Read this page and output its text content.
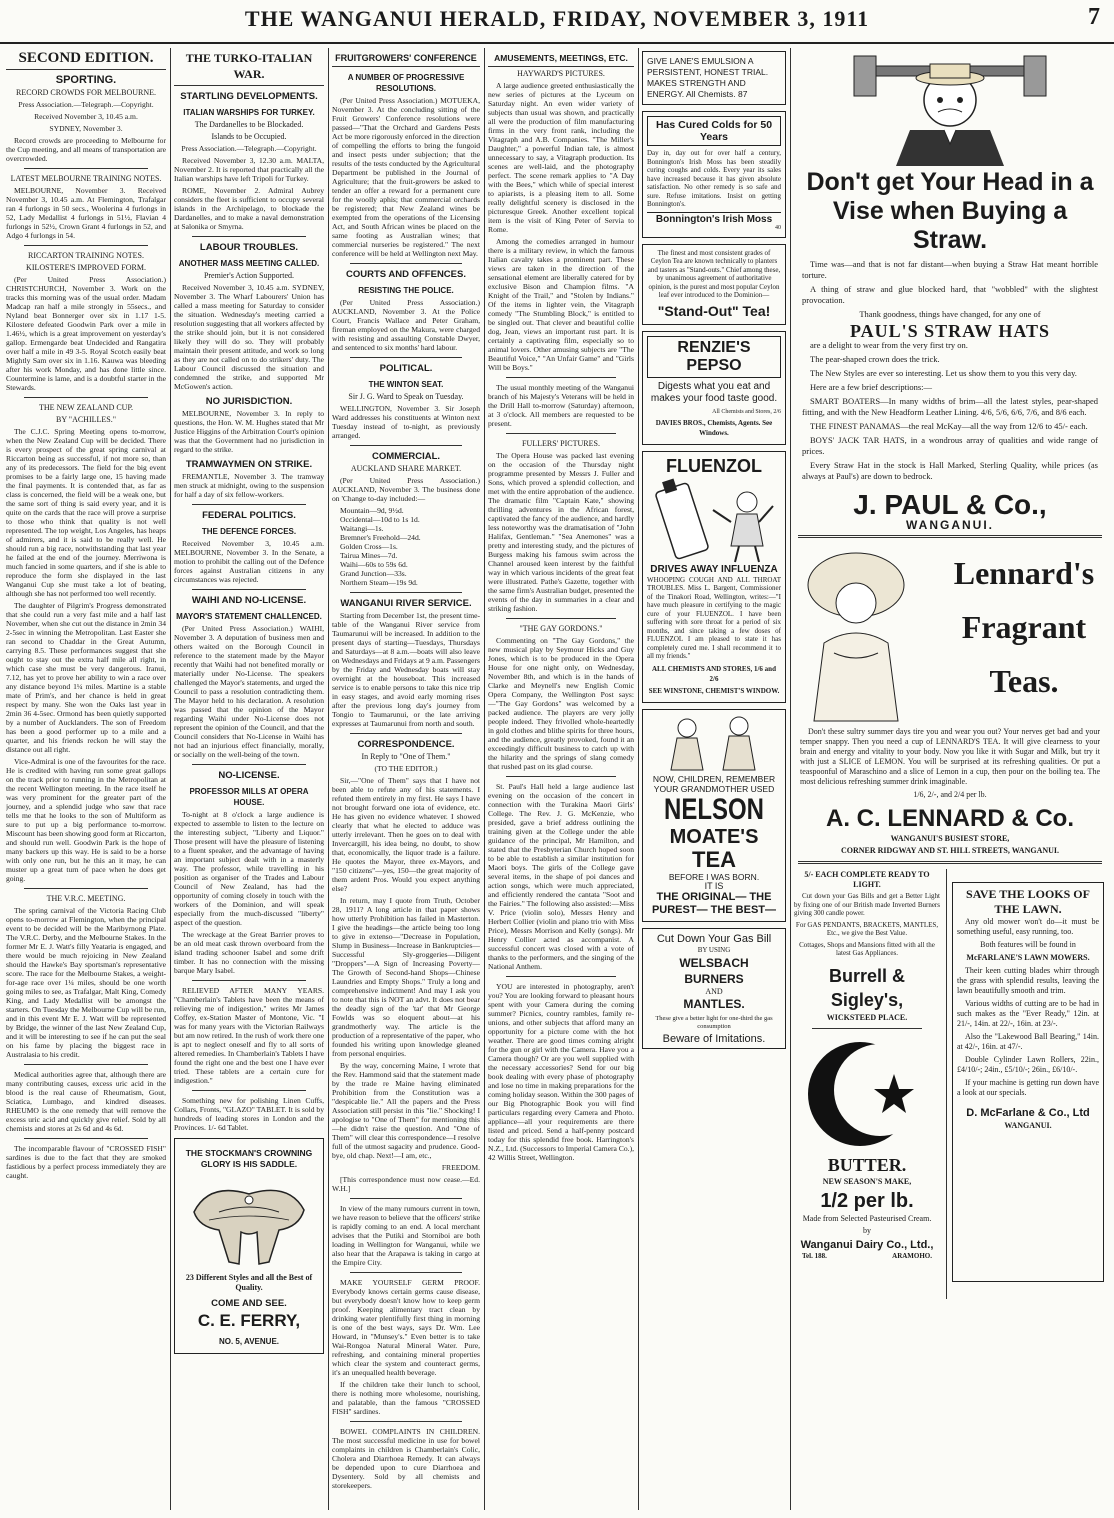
THE WANGANUI HERALD, FRIDAY, NOVEMBER 3, 1911	7
SECOND EDITION.
SPORTING.
RECORD CROWDS FOR MELBOURNE.

Press Association.—Telegraph.—Copyright.

Received November 3, 10.45 a.m.

SYDNEY, November 3.

Record crowds are proceeding to Melbourne for the Cup meeting, and all means of transportation are overcrowded.

LATEST MELBOURNE TRAINING NOTES.

MELBOURNE, November 3. Received November 3, 10.45 a.m. At Flemington, Trafalgar ran 4 furlongs in 50 secs., Woolerina 4 furlongs in 52, Lady Medallist 4 furlongs in 51½, Flavian 4 furlongs in 52½, Crown Grant 4 furlongs in 52, and Adgo 4 furlongs in 54.

RICCARTON TRAINING NOTES.
KILOSTERE'S IMPROVED FORM.

(Per United Press Association.) CHRISTCHURCH, November 3. Work on the tracks this morning was of the usual order. Madam Madcap ran half a mile strongly in 55secs., and Nyland beat Bonnerger over six in 1.17 1-5. Kilostere defeated Goodwin Park over a mile in 1.46½, which is a great improvement on yesterday's gallop. Ermengarde beat Undecided and Rangatira over half a mile in 49 3-5. Royal Scotch easily beat Mightly Sam over six in 1.16. Kauwa was bleeding after his work Monday, and has done little since. Countermine is lame, and is a doubtful starter in the Stewards.

THE NEW ZEALAND CUP.
BY "ACHILLES."

The C.J.C. Spring Meeting opens to-morrow, when the New Zealand Cup will be decided. There is every prospect of the great spring carnival at Riccarton being as successful, if not more so, than any of its predecessors. The field for the big event promises to be a fairly large one, 15 having made the final payments. It is contended that, as far as class is concerned, the field will be a weak one, but the same sort of thing is said every year, and it is quite on the cards that the race will prove a surprise to those who think that quality is not well represented. The top weight, Los Angeles, has heaps of admirers, and it is said to be really well. He should run a big race, notwithstanding that last year he failed at the end of the journey. Merriwona is much fancied in some quarters, and if she is able to reproduce the form she displayed in the last Wanganui Cup she must take a lot of beating, although she has not performed too well recently.

The daughter of Pilgrim's Progress demonstrated that she could run a very fast mile and a half last November, when she cut out the distance in 2min 34 2-5sec in winning the Metropolitan. Last Easter she ran second to Chaddar in the Great Autumn, carrying 8.5. These performances suggest that she ought to stay out the extra half mile all right, in which case she must be very dangerous. Iranui, 7.12, has yet to prove her ability to win a race over any distance beyond 1¼ miles. Martine is a stable mate of Prim's, and her chance is held in great respect by many. She won the Oaks last year in 2min 36 4-5sec. Ormond has been quietly supported by a number of Aucklanders. The son of Freedom has been a good performer up to a mile and a quarter, and his friends reckon he will stay the distance out all right.

Vice-Admiral is one of the favourites for the race. He is credited with having run some great gallops on the track prior to running in the Metropolitan at the recent Wellington meeting. In the race itself he was very prominent for the greater part of the journey, and a splendid judge who saw that race tells me that he looks to the son of Multiform as sure to put up a big performance to-morrow. Miscount has been showing good form at Riccarton, and should run well. Goodwin Park is the hope of many backers up this way. He is said to be a horse with only one run, but he this an it may, he can muster up a great turn of pace when he does get going.

THE V.R.C. MEETING.

The spring carnival of the Victoria Racing Club opens to-morrow at Flemington, when the principal event to be decided will be the Maribyrnong Plate. The V.R.C. Derby, and the Melbourne Stakes. In the former Mr E. J. Watt's filly Yeataria is engaged, and there would be much rejoicing in New Zealand should the Hawke's Bay sportsman's representative score. The race for the Melbourne Stakes, a weight-for-age race over 1¼ miles, should be one worth going miles to see, as Trafalgar, Malt King, Comedy King, and Lady Medallist will be amongst the starters. On Tuesday the Melbourne Cup will be run, and in this event Mr E. J. Watt will be represented by Bridge, the winner of the last New Zealand Cup, and it will be interesting to see if he can put the seal on his fame by placing the biggest race in Australasia to his credit.

Medical authorities agree that, although there are many contributing causes, excess uric acid in the blood is the real cause of Rheumatism, Gout, Sciatica, Lumbago, and kindred diseases. RHEUMO is the one remedy that will remove the excess uric acid and quickly give relief. Sold by all chemists and stores at 2s 6d and 4s 6d.

The incomparable flavour of "CROSSED FISH" sardines is due to the fact that they are smoked fastidious by a perfect process immediately they are caught.

THE TURKO-ITALIAN WAR.
STARTLING DEVELOPMENTS.
ITALIAN WARSHIPS FOR TURKEY.
The Dardanelles to be Blockaded.
Islands to be Occupied.

Press Association.—Telegraph.—Copyright.

Received November 3, 12.30 a.m. MALTA, November 2. It is reported that practically all the Italian warships have left Tripoli for Turkey.

ROME, November 2. Admiral Aubrey considers the fleet is sufficient to occupy several islands in the Archipelago, to blockade the Dardanelles, and to make a naval demonstration at Salonika or Smyrna.

LABOUR TROUBLES.
ANOTHER MASS MEETING CALLED.
Premier's Action Supported.

Received November 3, 10.45 a.m. SYDNEY, November 3. The Wharf Labourers' Union has called a mass meeting for Saturday to consider the situation. Wednesday's meeting carried a resolution suggesting that all workers affected by the strike should join, but it is not considered likely they will do so. They will probably maintain their present attitude, and work so long as they are not called on to do strikers' duty. The Labour Council discussed the situation and condemned the strike, and supported Mr McGowen's action.

NO JURISDICTION.

MELBOURNE, November 3. In reply to questions, the Hon. W. M. Hughes stated that Mr Justice Higgins of the Arbitration Court's opinion was that the Government had no jurisdiction in regard to the strike.

TRAMWAYMEN ON STRIKE.

FREMANTLE, November 3. The tramway men struck at midnight, owing to the suspension for half a day of six fellow-workers.

FEDERAL POLITICS.
THE DEFENCE FORCES.

Received November 3, 10.45 a.m. MELBOURNE, November 3. In the Senate, a motion to prohibit the calling out of the Defence forces against Australian citizens in any circumstances was rejected.

WAIHI AND NO-LICENSE.
MAYOR'S STATEMENT CHALLENCED.

(Per United Press Association.) WAIHI, November 3. A deputation of business men and others waited on the Borough Council in reference to the statement made by the Mayor recently that Waihi had not benefited morally or materially under No-License. The speakers challenged the Mayor's statements, and urged the Council to pass a resolution contradicting them. The Mayor held to his declaration. A resolution was passed that the opinion of the Mayor regarding Waihi under No-License does not represent the opinion of the Council, and that the Council considers that No-License in Waihi has not had an injurious effect financially, morally, or socially on the well-being of the town.

NO-LICENSE.
PROFESSOR MILLS AT OPERA HOUSE.

To-night at 8 o'clock a large audience is expected to assemble to listen to the lecture on the interesting subject, "Liberty and Liquor." Those present will have the pleasure of listening to a fluent speaker, and the advantage of having an important subject dealt with in a masterly way. The professor, while travelling in his position as organiser of the Trades and Labour Council of New Zealand, has had the opportunity of coming closely in touch with the workers of the Dominion, and will speak especially from the much-discussed "liberty" aspect of the question.

The wreckage at the Great Barrier proves to be an old meat cask thrown overboard from the island trading schooner Isabel and some drift timber. It has no connection with the missing barque Mary Isabel.

RELIEVED AFTER MANY YEARS. "Chamberlain's Tablets have been the means of relieving me of indigestion," writes Mr James Coffey, ex-Station Master of Montone, Vic. "I was for many years with the Victorian Railways but am now retired. In the rush of work there one is apt to neglect oneself and fly to all sorts of altered remedies. In Chamberlain's Tablets I have found the right one and the best one I have ever tried. These tablets are a certain cure for indigestion."

Something new for polishing Linen Cuffs, Collars, Fronts, "GLAZO" TABLET. It is sold by hundreds of leading stores in London and the Provinces. 1/- 6d Tablet.

THE STOCKMAN'S CROWNING GLORY IS HIS SADDLE.
23 Different Styles and all the Best of Quality.
COME AND SEE.
C. E. FERRY,
NO. 5, AVENUE.
FRUITGROWERS' CONFERENCE
A NUMBER OF PROGRESSIVE RESOLUTIONS.

(Per United Press Association.) MOTUEKA, November 3. At the concluding sitting of the Fruit Growers' Conference resolutions were passed—"That the Orchard and Gardens Pests Act be more rigorously enforced in the direction of compelling the efforts to bring the fungoid and insect pests under subjection; that the results of the tests conducted by the Agricultural Department be published in the Journal of Agriculture; that the fruit-growers be asked to tender an offer a reward for a permanent cure for the woolly aphis; that commercial orchards be registered; that New Zealand wines be exempted from the operations of the Licensing Act, and South African wines be placed on the same footing as Australian wines; that commercial nurseries be registered." The next conference will be held at Wellington next May.

COURTS AND OFFENCES.
RESISTING THE POLICE.

(Per United Press Association.) AUCKLAND, November 3. At the Police Court, Francis Wallace and Peter Graham, fireman employed on the Makura, were charged with resisting and assaulting Constable Dwyer, and sentenced to six months' hard labour.

POLITICAL.
THE WINTON SEAT.
Sir J. G. Ward to Speak on Tuesday.

WELLINGTON, November 3. Sir Joseph Ward addresses his constituents at Winton next Tuesday instead of to-night, as previously arranged.

COMMERCIAL.
AUCKLAND SHARE MARKET.

(Per United Press Association.) AUCKLAND, November 3. The business done on 'Change to-day included:—

Mountain—9d, 9½d.
Occidental—10d to 1s 1d.
Waitangi—1s.
Bremner's Freehold—24d.
Golden Cross—1s.
Tairua Mines—7d.
Waihi—60s to 59s 6d.
Grand Junction—33s.
Northern Steam—19s 9d.
WANGANUI RIVER SERVICE.

Starting from December 1st, the present time-table of the Wanganui River service from Taumarunui will be increased. In addition to the present days of starting—Tuesdays, Thursdays and Saturdays—at 8 a.m.—boats will also leave on Wednesdays and Fridays at 9 a.m. Passengers by the Friday and Wednesday boats will stay overnight at the houseboat. This increased service is to enable persons to take this nice trip in easy stages, and avoid early morning rises after the previous long day's journey from Tongio to Taumarunui, or the late arriving expresses at Taumarunui from north and south.

CORRESPONDENCE.
In Reply to "One of Them."

(TO THE EDITOR.)

Sir,—"One of Them" says that I have not been able to refute any of his statements. I refuted them entirely in my first. He says I have not brought forward one iota of evidence, etc. He has given no evidence whatever. I showed clearly that what he elected to adduce was utterly irrelevant. Then he goes on to deal with Invercargill, his idea being, no doubt, to show that, economically, the liquor trade is a failure. He quotes the Mayor, three ex-Mayors, and "150 citizens"—yes, 150—the great majority of them ardent Pros. Would you expect anything else?

In return, may I quote from Truth, October 28, 1911? A long article in that paper shows how utterly Prohibition has failed in Masterton. I give the headings—the article being too long to give in extenso—"Decrease in Population, Slump in Business—Increase in Bankruptcies—Successful Sly-groggeries—Diligent "Droppers"—A Sign of Increasing Poverty—The Growth of Second-hand Shops—Chinese Laundries and Empty Shops." Truly a long and comprehensive indictment! And may I ask you to note that this is NOT an advt. It does not bear the deadly sign of the 'tar' that Mr George Fowlds was so eloquent about—at his grandmotherly way. The article is the production of a representative of the paper, who founded his writing upon knowledge gleaned from personal enquiries.

By the way, concerning Maine, I wrote that the Rev. Hammond said that the statement made by the trade re Maine having eliminated Prohibition from the Constitution was a "despicable lie." All the papers and the Press Association still persist in this "lie." Shocking! I apologise to "One of Them" for mentioning this—he didn't raise the question. And "One of Them" will clear this correspondence—I resolve full of the utmost sagacity and prudence. Good-bye, old chap. Next!—I am, etc.,

FREEDOM.

[This correspondence must now cease.—Ed. W.H.]

In view of the many rumours current in town, we have reason to believe that the officers' strike is rapidly coming to an end. A local merchant advises that the Putiki and Storniboi are both loading in Wellington for Wanganui, while we also hear that the Arapawa is taking in cargo at the Empire City.

MAKE YOURSELF GERM PROOF. Everybody knows certain germs cause disease, but everybody doesn't know how to keep germ proof. Keeping alimentary tract clean by drinking water plentifully first thing in morning is one of the best ways, says Dr. Wm. Lee Howard, in "Munsey's." Even better is to take Wai-Rongoa Natural Mineral Water. Pure, refreshing, and containing mineral properties which clear the system and counteract germs, it's an unequalled health beverage.

If the children take their lunch to school, there is nothing more wholesome, nourishing, and palatable, than the famous "CROSSED FISH" sardines.

BOWEL COMPLAINTS IN CHILDREN. The most successful medicine in use for bowel complaints in children is Chamberlain's Colic, Cholera and Diarrhoea Remedy. It can always be depended upon to cure Diarrhoea and Dysentery. Sold by all chemists and storekeepers.

AMUSEMENTS, MEETINGS, ETC.
HAYWARD'S PICTURES.

A large audience greeted enthusiastically the new series of pictures at the Lyceum on Saturday night. An even wider variety of subjects than usual was shown, and practically all were the production of film manufacturing firms in the very front rank, including the Vitagraph and A.B. Companies. "The Miller's Daughter," a powerful Indian tale, is almost unnecessary to say, a Vitagraph production. Its scenes are well-laid, and the photography perfect. The scene remark applies to "A Day with the Bees," which while of special interest to apiarists, is a pleasing item to all. Some really delightful scenery is disclosed in the picturesque Greek. Another excellent topical item is the visit of King Peter of Servia to Rome.

Among the comedies arranged in humour there is a military review, in which the famous Italian cavalry takes a prominent part. These views are taken in the direction of the sensational element are liberally catered for by exclusive Bison and Champion films. "A Knight of the Trail," and "Stolen by Indians." Of the items in lighter vein, the Vitagraph comedy "The Stumbling Block," is entitled to be singled out. That clever and beautiful collie dog, Jean, views an important rust part. It is certainly a captivating film, especially so to animal lovers. Other amusing subjects are "The Beautiful Voice," "An Unfair Game" and "Girls Will be Boys."

The usual monthly meeting of the Wanganui branch of his Majesty's Veterans will be held in the Drill Hall to-morrow (Saturday) afternoon, at 3 o'clock. All members are requested to be present.

FULLERS' PICTURES.

The Opera House was packed last evening on the occasion of the Thursday night programme presented by Messrs J. Fuller and Sons, which proved a splendid collection, and met with the entire approbation of the audience. The dramatic film "Captain Kate," showing thrilling adventures in the African forest, captivated the fancy of the audience, and hardly less noteworthy was the dramatisation of "John Halifax, Gentleman." "Sea Anemones" was a pretty and interesting study, and the pictures of Burgess making his famous swim across the Channel aroused keen interest by the faithful way in which various incidents of the great feat were illustrated. Pathe's Gazette, together with the same firm's Australian budget, presented the events of the day in summaries in a clear and striking fashion.

"THE GAY GORDONS."

Commenting on "The Gay Gordons," the new musical play by Seymour Hicks and Guy Jones, which is to be produced in the Opera House for one night only, on Wednesday, November 8th, and which is in the hands of Clarke and Meynell's new English Comic Opera Company, the Wellington Post says:—"The Gay Gordons" was welcomed by a packed audience. The players are very jolly people indeed. They frivolled whole-heartedly in gold clothes and blithe spirits for three hours, and the audience, greatly provoked, found it an exceedingly difficult business to catch up with the hilarity and the springs of slang comedy that rushed past on its glad course.

St. Paul's Hall held a large audience last evening on the occasion of the concert in connection with the Turakina Maori Girls' College. The Rev. J. G. McKenzie, who presided, gave a brief address outlining the training given at the College under the able guidance of the principal, Mr Hamilton, and stated that the Presbyterian Church hoped soon to be able to establish a similar institution for Maori boys. The girls of the College gave several items, in the shape of poi dances and action songs, which were much appreciated, and efficiently rendered the cantata "Soot and the Fairies." The following also assisted:—Miss V. Price (violin solo), Messrs Henry and Herbert Collier (violin and piano trio with Miss Price), Messrs Morrison and Kelly (songs). Mr Henry Collier acted as accompanist. A successful concert was closed with a vote of thanks to the performers, and the singing of the National Anthem.

YOU are interested in photography, aren't you? You are looking forward to pleasant hours spent with your Camera during the coming summer? Picnics, country rambles, family re-unions, and other subjects that afford many an opportunity for a picture come with the hot weather. There are good times coming alright for the gun or girl with the Camera. Have you a Camera though? Or are you well supplied with the necessary accessories? Send for our big book dealing with every phase of photography and lose no time in making preparations for the coming holiday season. Within the 300 pages of our Big Photographic Book you will find particulars regarding every Camera and Photo. appliance—all your requirements are there listed and priced. Send a half-penny postcard today for this splendid free book. Harrington's N.Z., Ltd. (Successors to Imperial Camera Co.), 42 Willis Street, Wellington.

GIVE LANE'S EMULSION A PERSISTENT, HONEST TRIAL. MAKES STRENGTH AND ENERGY. All Chemists. 87
Has Cured Colds for 50 Years

Day in, day out for over half a century, Bonnington's Irish Moss has been steadily curing coughs and colds. Every year its sales have increased because it has given absolute satisfaction. No other remedy is so safe and sure. Refuse imitations. Insist on getting Bonnington's.

Bonnington's Irish Moss
40

The finest and most consistent grades of Ceylon Tea are known technically to planters and tasters as "Stand-outs." Chief among these, by unanimous agreement of authoritative opinion, is the purest and most popular Ceylon leaf ever introduced to the Dominion—

"Stand-Out" Tea!
RENZIE'S PEPSO
Digests what you eat and makes your food taste good.
All Chemists and Stores, 2/6
DAVIES BROS., Chemists, Agents. See Windows.
FLUENZOL
DRIVES AWAY INFLUENZA

WHOOPING COUGH AND ALL THROAT TROUBLES. Miss L. Bargent, Commissioner of the Tinakori Road, Wellington, writes:—"I have much pleasure in certifying to the magic cure of your FLUENZOL. I have been suffering with sore throat for a period of six months, and since taking a few doses of FLUENZOL I am pleased to state it has completely cured me. I shall recommend it to all my friends."

ALL CHEMISTS AND STORES, 1/6 and 2/6
SEE WINSTONE, CHEMIST'S WINDOW.
NOW, CHILDREN, REMEMBER YOUR GRANDMOTHER USED
NELSON
MOATE'S
TEA
BEFORE I WAS BORN.
IT IS
THE ORIGINAL— THE PUREST— THE BEST—
Cut Down Your Gas Bill
BY USING
WELSBACH
BURNERS
AND
MANTLES.
These give a better light for one-third the gas consumption
Beware of Imitations.
Don't get Your Head in a Vise when Buying a Straw.

Time was—and that is not far distant—when buying a Straw Hat meant horrible torture.

A thing of straw and glue blocked hard, that "wobbled" with the slightest provocation.

Thank goodness, things have changed, for any one of

PAUL'S STRAW HATS

are a delight to wear from the very first try on.

The pear-shaped crown does the trick.

The New Styles are ever so interesting. Let us show them to you this very day.

Here are a few brief descriptions:—

SMART BOATERS—In many widths of brim—all the latest styles, pear-shaped fitting, and with the New Headform Leather Lining. 4/6, 5/6, 6/6, 7/6, and 8/6 each.

THE FINEST PANAMAS—the real McKay—all the way from 12/6 to 45/- each.

BOYS' JACK TAR HATS, in a wondrous array of qualities and wide range of prices.

Every Straw Hat in the stock is Hall Marked, Sterling Quality, while prices (as always at Paul's) are down to bedrock.

J. PAUL & Co.,
WANGANUI.
Lennard's
Fragrant
Teas.

Don't these sultry summer days tire you and wear you out? Your nerves get bad and your temper snappy. Then you need a cup of LENNARD'S TEA. It will give clearness to your brain and energy and vitality to your body. Now you like it with Sugar and Milk, but try it with just a SLICE of LEMON. You will be surprised at its refreshing qualities. Or put a teaspoonful of Maraschino and a slice of Lemon in a cup, then pour on the boiling tea. The most delicious refreshing summer drink imaginable.

1/6, 2/-, and 2/4 per lb.

A. C. LENNARD & Co.
WANGANUI'S BUSIEST STORE,
CORNER RIDGWAY AND ST. HILL STREETS, WANGANUI.
5/- EACH COMPLETE READY TO LIGHT.

Cut down your Gas Bills and get a Better Light by fixing one of our British made Inverted Burners giving 300 candle power.

For GAS PENDANTS, BRACKETS, MANTLES, Etc., we give the Best Value.

Cottages, Shops and Mansions fitted with all the latest Gas Appliances.

Burrell & Sigley's,
WICKSTEED PLACE.
BUTTER.
NEW SEASON'S MAKE,
1/2 per lb.
Made from Selected Pasteurised Cream.
by
Wanganui Dairy Co., Ltd.,
Tel. 188.	ARAMOHO.
SAVE THE LOOKS OF THE LAWN.

Any old mower won't do—it must be something useful, easy running, too.

Both features will be found in

McFARLANE'S LAWN MOWERS.

Their keen cutting blades whirr through the grass with splendid results, leaving the lawn beautifully smooth and trim.

Various widths of cutting are to be had in such makes as the "Ever Ready," 12in. at 21/-, 14in. at 22/-, 16in. at 23/-.

Also the "Lakewood Ball Bearing," 14in. at 42/-, 16in. at 47/-.

Double Cylinder Lawn Rollers, 22in., £4/10/-; 24in., £5/10/-; 26in., £6/10/-.

If your machine is getting run down have a look at our specials.

D. McFarlane & Co., Ltd
WANGANUI.
